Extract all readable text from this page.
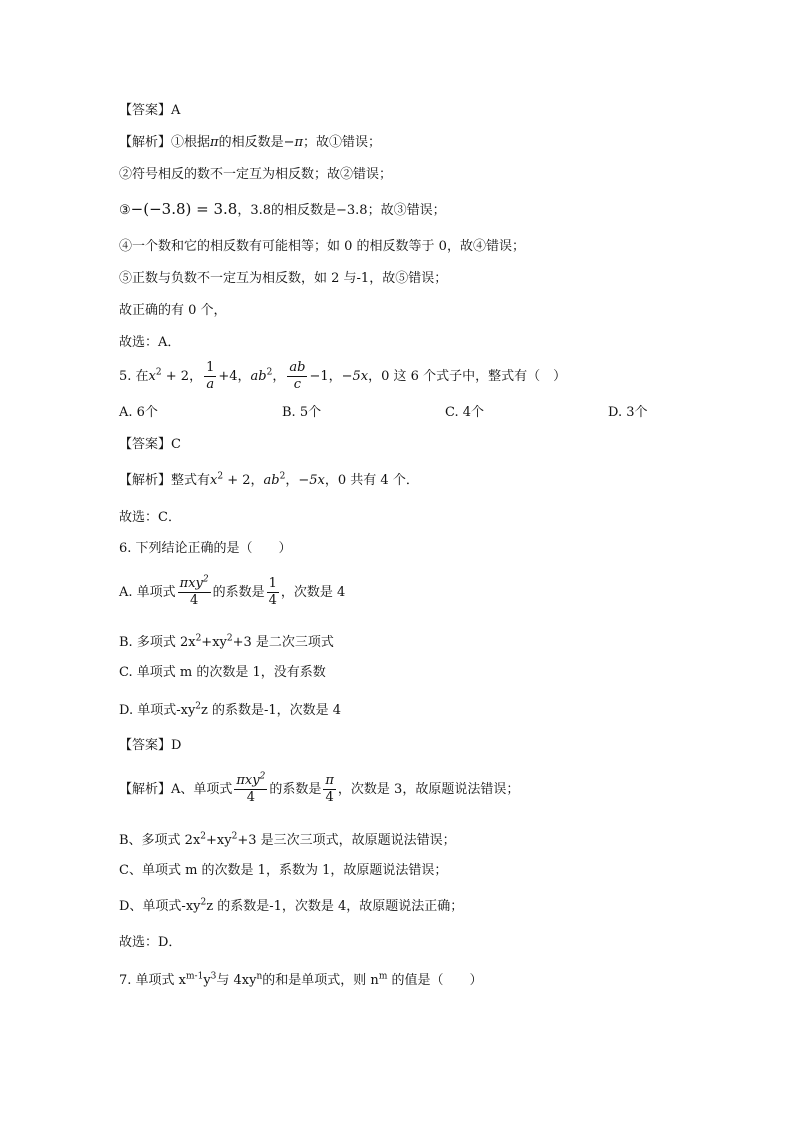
【答案】A
【解析】①根据π的相反数是−π；故①错误；
②符号相反的数不一定互为相反数；故②错误；
③−(−3.8) = 3.8，3.8的相反数是−3.8；故③错误；
④一个数和它的相反数有可能相等；如 0 的相反数等于 0，故④错误；
⑤正数与负数不一定互为相反数，如 2 与-1，故⑤错误；
故正确的有 0 个，
故选：A．
5. 在$x^2 + 2$， $\frac{1}{a} +4$，$ab^2$， $\frac{ab}{c} -1$，−5x，0 这 6 个式子中，整式有（　）
A. 6个	B. 5个	C. 4个	D. 3个
【答案】C
【解析】整式有$x^2 + 2$，$ab^2$，−5x，0 共有 4 个．
故选：C．
6. 下列结论正确的是（　　）
A. 单项式 $\frac{\pi xy^2}{4}$ 的系数是 $\frac{1}{4}$ ，次数是 4
B. 多项式 $2x^2+xy^2+3$ 是二次三项式
C. 单项式 m 的次数是 1，没有系数
D. 单项式$-xy^2z$ 的系数是-1，次数是 4
【答案】D
【解析】A、单项式 $\frac{\pi xy^2}{4}$ 的系数是 $\frac{\pi}{4}$ ，次数是 3，故原题说法错误；
B、多项式 $2x^2+xy^2+3$ 是三次三项式，故原题说法错误；
C、单项式 m 的次数是 1，系数为 1，故原题说法错误；
D、单项式$-xy^2z$ 的系数是-1，次数是 4，故原题说法正确；
故选：D．
7. 单项式 $x^{m-1}y^3$与 $4xy^n$的和是单项式，则 $n^m$ 的值是（　　）
